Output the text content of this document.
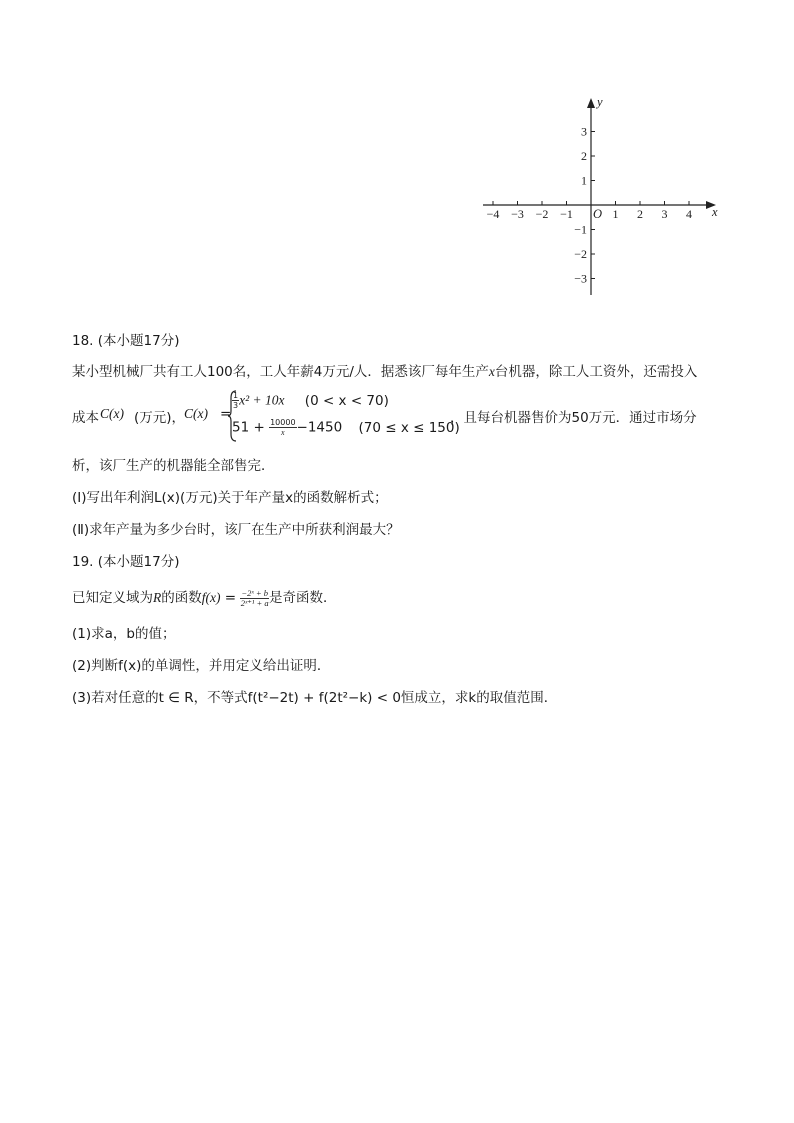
x
y
O
−4 −3 −2 −1	1 2 3 4
3
2
1
−1
−2
−3
18. (本小题17分)
某小型机械厂共有工人100名，工人年薪4万元/人．据悉该厂每年生产x台机器，除工人工资外，还需投入
成本 C(x) (万元)，
C(x) =
$\frac{1}{3} x^2 + 10x$ (0 < x < 70)
$51 + \frac{10000}{x} -1450$ (70 ≤ x ≤ 150)
，且每台机器售价为50万元．通过市场分
析，该厂生产的机器能全部售完．
(Ⅰ)写出年利润L(x)(万元)关于年产量x的函数解析式；
(Ⅱ)求年产量为多少台时，该厂在生产中所获利润最大？
19. (本小题17分)
已知定义域为R的函数$f(x) = \frac{\text{−2ˣ + b}}{\text{2ˣ⁺¹ + a}}$ 是奇函数．
(1)求a，b的值；
(2)判断f(x)的单调性，并用定义给出证明．
(3)若对任意的t ∈ R，不等式f(t²−2t) + f(2t²−k) < 0恒成立，求k的取值范围．
